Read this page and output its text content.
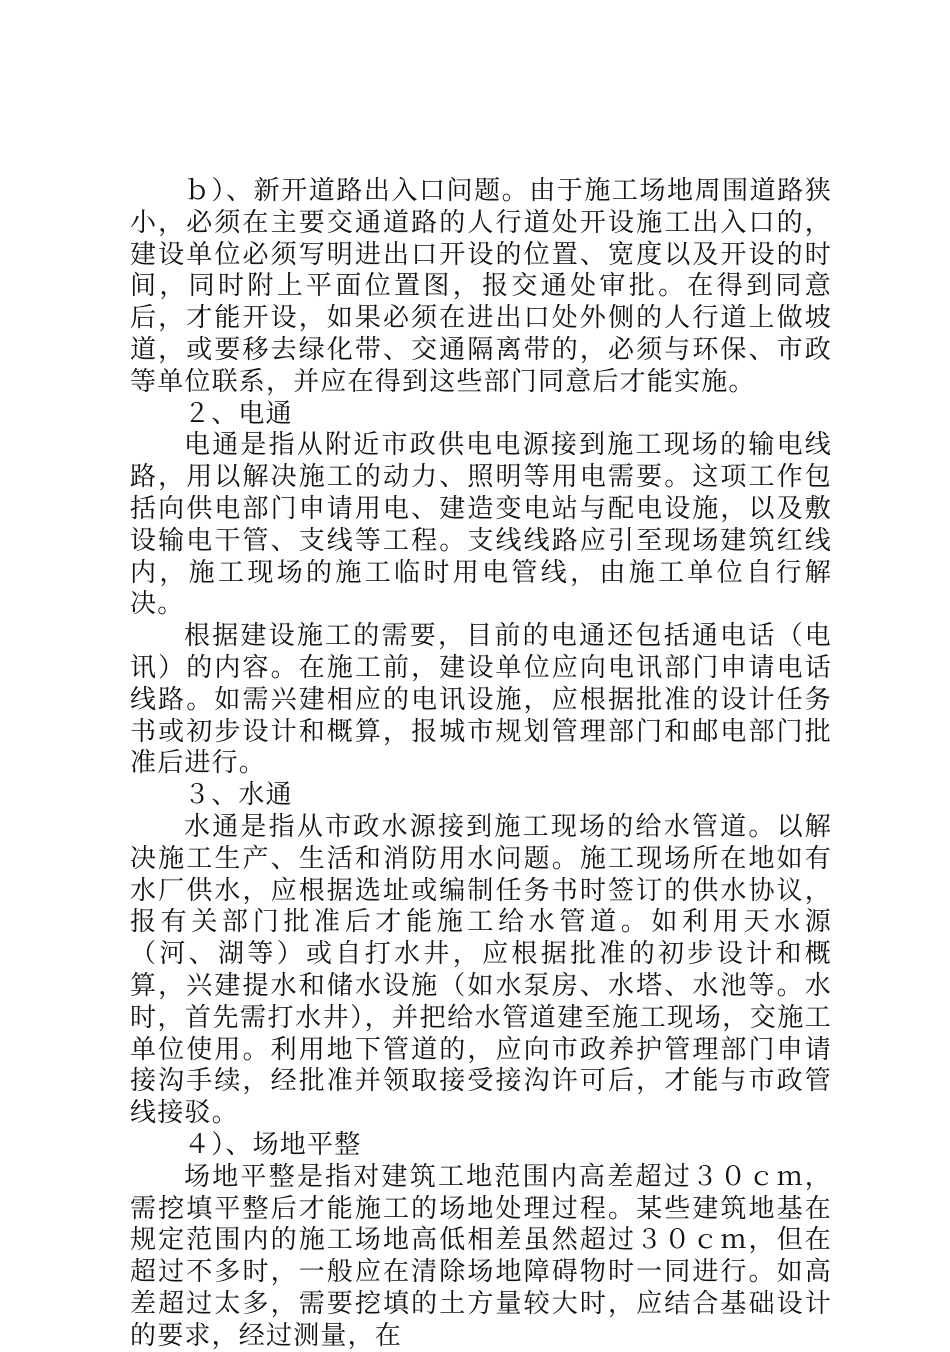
ｂ）、新开道路出入口问题。由于施工场地周围道路狭小，必须在主要交通道路的人行道处开设施工出入口的，建设单位必须写明进出口开设的位置、宽度以及开设的时间，同时附上平面位置图，报交通处审批。在得到同意后，才能开设，如果必须在进出口处外侧的人行道上做坡道，或要移去绿化带、交通隔离带的，必须与环保、市政等单位联系，并应在得到这些部门同意后才能实施。

２、电通

电通是指从附近市政供电电源接到施工现场的输电线路，用以解决施工的动力、照明等用电需要。这项工作包括向供电部门申请用电、建造变电站与配电设施，以及敷设输电干管、支线等工程。支线线路应引至现场建筑红线内，施工现场的施工临时用电管线，由施工单位自行解决。

根据建设施工的需要，目前的电通还包括通电话（电讯）的内容。在施工前，建设单位应向电讯部门申请电话线路。如需兴建相应的电讯设施，应根据批准的设计任务书或初步设计和概算，报城市规划管理部门和邮电部门批准后进行。

３、水通

水通是指从市政水源接到施工现场的给水管道。以解决施工生产、生活和消防用水问题。施工现场所在地如有水厂供水，应根据选址或编制任务书时签订的供水协议，报有关部门批准后才能施工给水管道。如利用天水源（河、湖等）或自打水井，应根据批准的初步设计和概算，兴建提水和储水设施（如水泵房、水塔、水池等。水时，首先需打水井），并把给水管道建至施工现场，交施工单位使用。利用地下管道的，应向市政养护管理部门申请接沟手续，经批准并领取接受接沟许可后，才能与市政管线接驳。

４）、场地平整

场地平整是指对建筑工地范围内高差超过３０ｃｍ，需挖填平整后才能施工的场地处理过程。某些建筑地基在规定范围内的施工场地高低相差虽然超过３０ｃｍ，但在超过不多时，一般应在清除场地障碍物时一同进行。如高差超过太多，需要挖填的土方量较大时，应结合基础设计的要求，经过测量，在
